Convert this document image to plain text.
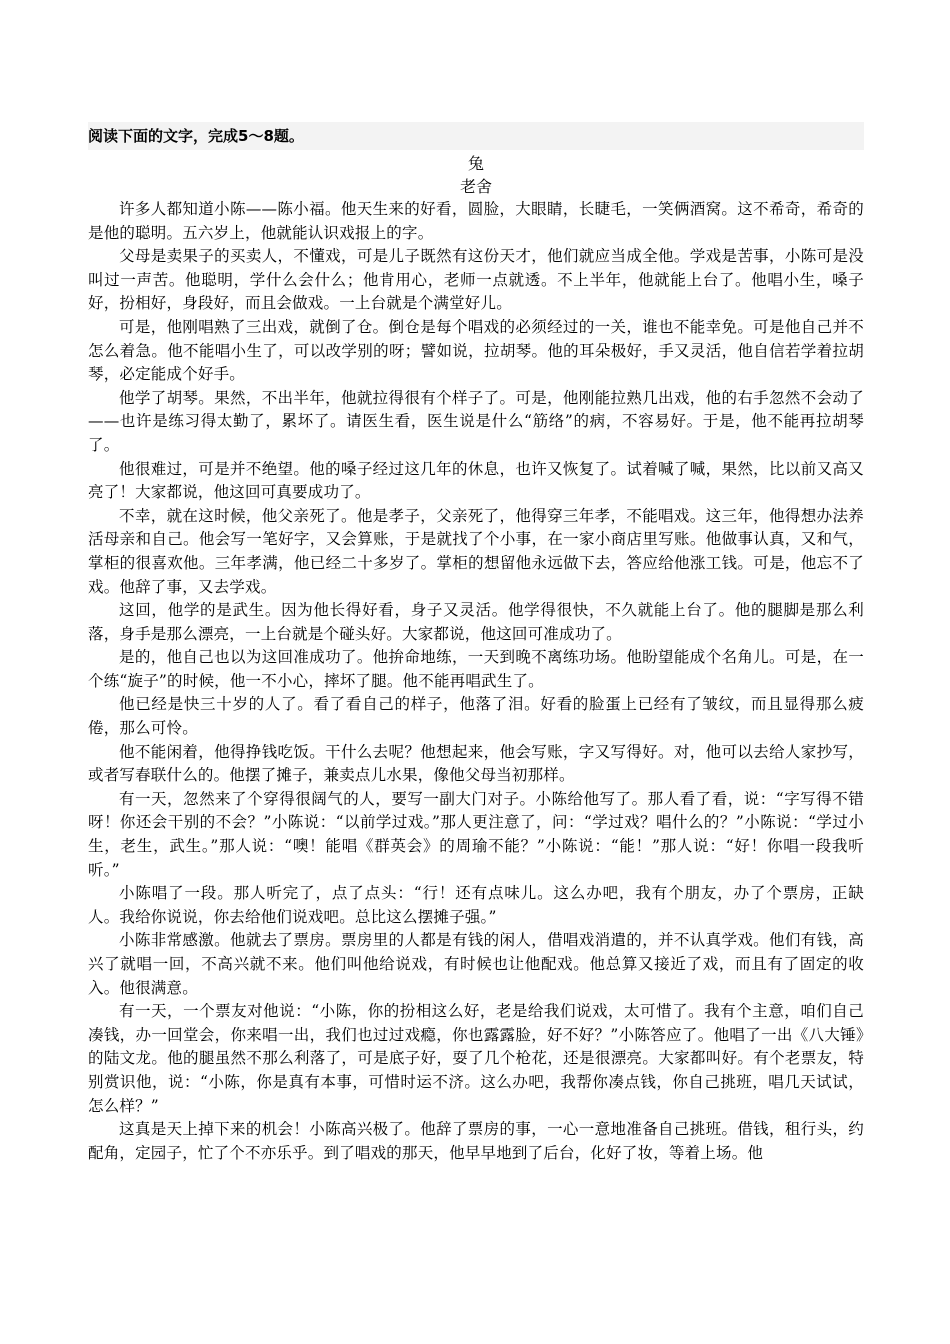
阅读下面的文字，完成5～8题。
兔
老舍

许多人都知道小陈——陈小福。他天生来的好看，圆脸，大眼睛，长睫毛，一笑俩酒窝。这不希奇，希奇的是他的聪明。五六岁上，他就能认识戏报上的字。

父母是卖果子的买卖人，不懂戏，可是儿子既然有这份天才，他们就应当成全他。学戏是苦事，小陈可是没叫过一声苦。他聪明，学什么会什么；他肯用心，老师一点就透。不上半年，他就能上台了。他唱小生，嗓子好，扮相好，身段好，而且会做戏。一上台就是个满堂好儿。

可是，他刚唱熟了三出戏，就倒了仓。倒仓是每个唱戏的必须经过的一关，谁也不能幸免。可是他自己并不怎么着急。他不能唱小生了，可以改学别的呀；譬如说，拉胡琴。他的耳朵极好，手又灵活，他自信若学着拉胡琴，必定能成个好手。

他学了胡琴。果然，不出半年，他就拉得很有个样子了。可是，他刚能拉熟几出戏，他的右手忽然不会动了——也许是练习得太勤了，累坏了。请医生看，医生说是什么“筋络”的病，不容易好。于是，他不能再拉胡琴了。

他很难过，可是并不绝望。他的嗓子经过这几年的休息，也许又恢复了。试着喊了喊，果然，比以前又高又亮了！大家都说，他这回可真要成功了。

不幸，就在这时候，他父亲死了。他是孝子，父亲死了，他得穿三年孝，不能唱戏。这三年，他得想办法养活母亲和自己。他会写一笔好字，又会算账，于是就找了个小事，在一家小商店里写账。他做事认真，又和气，掌柜的很喜欢他。三年孝满，他已经二十多岁了。掌柜的想留他永远做下去，答应给他涨工钱。可是，他忘不了戏。他辞了事，又去学戏。

这回，他学的是武生。因为他长得好看，身子又灵活。他学得很快，不久就能上台了。他的腿脚是那么利落，身手是那么漂亮，一上台就是个碰头好。大家都说，他这回可准成功了。

是的，他自己也以为这回准成功了。他拚命地练，一天到晚不离练功场。他盼望能成个名角儿。可是，在一个练“旋子”的时候，他一不小心，摔坏了腿。他不能再唱武生了。

他已经是快三十岁的人了。看了看自己的样子，他落了泪。好看的脸蛋上已经有了皱纹，而且显得那么疲倦，那么可怜。

他不能闲着，他得挣钱吃饭。干什么去呢？他想起来，他会写账，字又写得好。对，他可以去给人家抄写，或者写春联什么的。他摆了摊子，兼卖点儿水果，像他父母当初那样。

有一天，忽然来了个穿得很阔气的人，要写一副大门对子。小陈给他写了。那人看了看，说：“字写得不错呀！你还会干别的不会？”小陈说：“以前学过戏。”那人更注意了，问：“学过戏？唱什么的？”小陈说：“学过小生，老生，武生。”那人说：“噢！能唱《群英会》的周瑜不能？”小陈说：“能！”那人说：“好！你唱一段我听听。”

小陈唱了一段。那人听完了，点了点头：“行！还有点味儿。这么办吧，我有个朋友，办了个票房，正缺人。我给你说说，你去给他们说戏吧。总比这么摆摊子强。”

小陈非常感激。他就去了票房。票房里的人都是有钱的闲人，借唱戏消遣的，并不认真学戏。他们有钱，高兴了就唱一回，不高兴就不来。他们叫他给说戏，有时候也让他配戏。他总算又接近了戏，而且有了固定的收入。他很满意。

有一天，一个票友对他说：“小陈，你的扮相这么好，老是给我们说戏，太可惜了。我有个主意，咱们自己凑钱，办一回堂会，你来唱一出，我们也过过戏瘾，你也露露脸，好不好？”小陈答应了。他唱了一出《八大锤》的陆文龙。他的腿虽然不那么利落了，可是底子好，耍了几个枪花，还是很漂亮。大家都叫好。有个老票友，特别赏识他，说：“小陈，你是真有本事，可惜时运不济。这么办吧，我帮你凑点钱，你自己挑班，唱几天试试，怎么样？”

这真是天上掉下来的机会！小陈高兴极了。他辞了票房的事，一心一意地准备自己挑班。借钱，租行头，约配角，定园子，忙了个不亦乐乎。到了唱戏的那天，他早早地到了后台，化好了妆，等着上场。他
